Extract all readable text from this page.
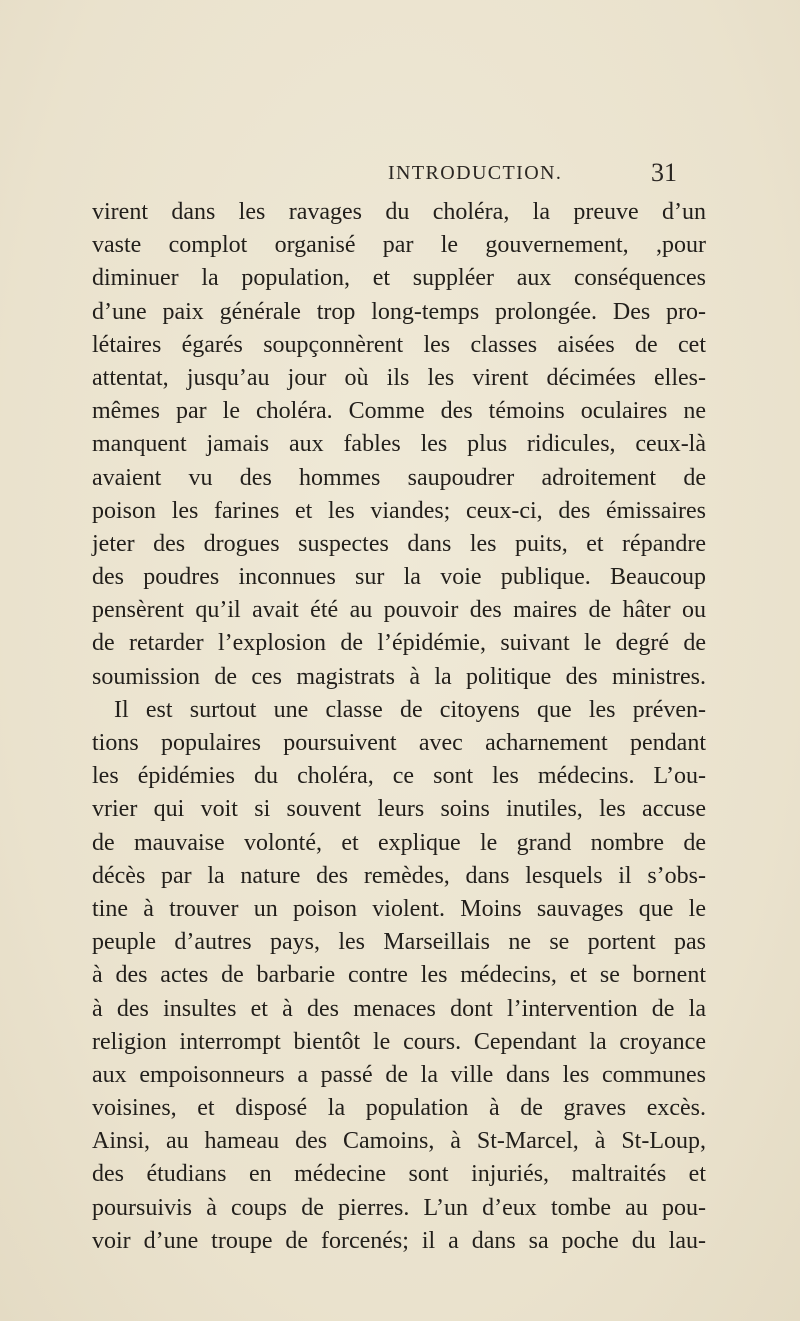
INTRODUCTION.	31
virent dans les ravages du choléra, la preuve d’un
vaste complot organisé par le gouvernement, ,pour
diminuer la population, et suppléer aux conséquences
d’une paix générale trop long-temps prolongée. Des pro-
létaires égarés soupçonnèrent les classes aisées de cet
attentat, jusqu’au jour où ils les virent décimées elles-
mêmes par le choléra. Comme des témoins oculaires ne
manquent jamais aux fables les plus ridicules, ceux-là
avaient vu des hommes saupoudrer adroitement de
poison les farines et les viandes; ceux-ci, des émissaires
jeter des drogues suspectes dans les puits, et répandre
des poudres inconnues sur la voie publique. Beaucoup
pensèrent qu’il avait été au pouvoir des maires de hâter ou
de retarder l’explosion de l’épidémie, suivant le degré de
soumission de ces magistrats à la politique des ministres.
Il est surtout une classe de citoyens que les préven-
tions populaires poursuivent avec acharnement pendant
les épidémies du choléra, ce sont les médecins. L’ou-
vrier qui voit si souvent leurs soins inutiles, les accuse
de mauvaise volonté, et explique le grand nombre de
décès par la nature des remèdes, dans lesquels il s’obs-
tine à trouver un poison violent. Moins sauvages que le
peuple d’autres pays, les Marseillais ne se portent pas
à des actes de barbarie contre les médecins, et se bornent
à des insultes et à des menaces dont l’intervention de la
religion interrompt bientôt le cours. Cependant la croyance
aux empoisonneurs a passé de la ville dans les communes
voisines, et disposé la population à de graves excès.
Ainsi, au hameau des Camoins, à St-Marcel, à St-Loup,
des étudians en médecine sont injuriés, maltraités et
poursuivis à coups de pierres. L’un d’eux tombe au pou-
voir d’une troupe de forcenés; il a dans sa poche du lau-
